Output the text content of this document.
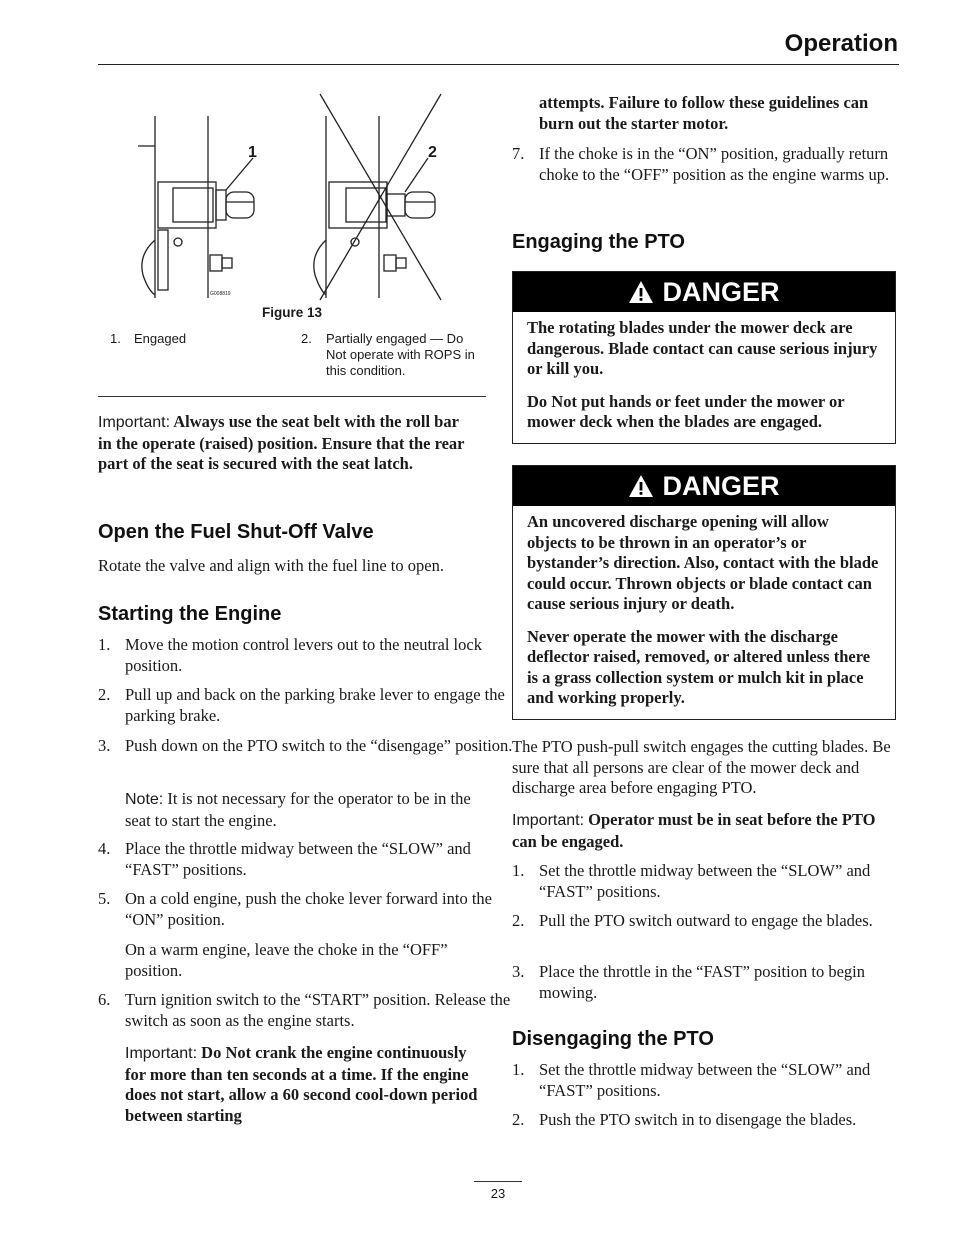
Operation
1	2
G008819
Figure 13
1. Engaged	2. Partially engaged — Do Not operate with ROPS in this condition.

Important: Always use the seat belt with the roll bar in the operate (raised) position. Ensure that the rear part of the seat is secured with the seat latch.

Open the Fuel Shut-Off Valve

Rotate the valve and align with the fuel line to open.

Starting the Engine
1. Move the motion control levers out to the neutral lock position.
2. Pull up and back on the parking brake lever to engage the parking brake.
3. Push down on the PTO switch to the “disengage” position.

Note: It is not necessary for the operator to be in the seat to start the engine.

4. Place the throttle midway between the “SLOW” and “FAST” positions.
5. On a cold engine, push the choke lever forward into the “ON” position.

On a warm engine, leave the choke in the “OFF” position.

6. Turn ignition switch to the “START” position. Release the switch as soon as the engine starts.

Important: Do Not crank the engine continuously for more than ten seconds at a time. If the engine does not start, allow a 60 second cool-down period between starting

attempts. Failure to follow these guidelines can burn out the starter motor.

7. If the choke is in the “ON” position, gradually return choke to the “OFF” position as the engine warms up.
Engaging the PTO
DANGER

The rotating blades under the mower deck are dangerous. Blade contact can cause serious injury or kill you.

Do Not put hands or feet under the mower or mower deck when the blades are engaged.

DANGER

An uncovered discharge opening will allow objects to be thrown in an operator’s or bystander’s direction. Also, contact with the blade could occur. Thrown objects or blade contact can cause serious injury or death.

Never operate the mower with the discharge deflector raised, removed, or altered unless there is a grass collection system or mulch kit in place and working properly.

The PTO push-pull switch engages the cutting blades. Be sure that all persons are clear of the mower deck and discharge area before engaging PTO.

Important: Operator must be in seat before the PTO can be engaged.

1. Set the throttle midway between the “SLOW” and “FAST” positions.
2. Pull the PTO switch outward to engage the blades.
3. Place the throttle in the “FAST” position to begin mowing.
Disengaging the PTO
1. Set the throttle midway between the “SLOW” and “FAST” positions.
2. Push the PTO switch in to disengage the blades.
23
